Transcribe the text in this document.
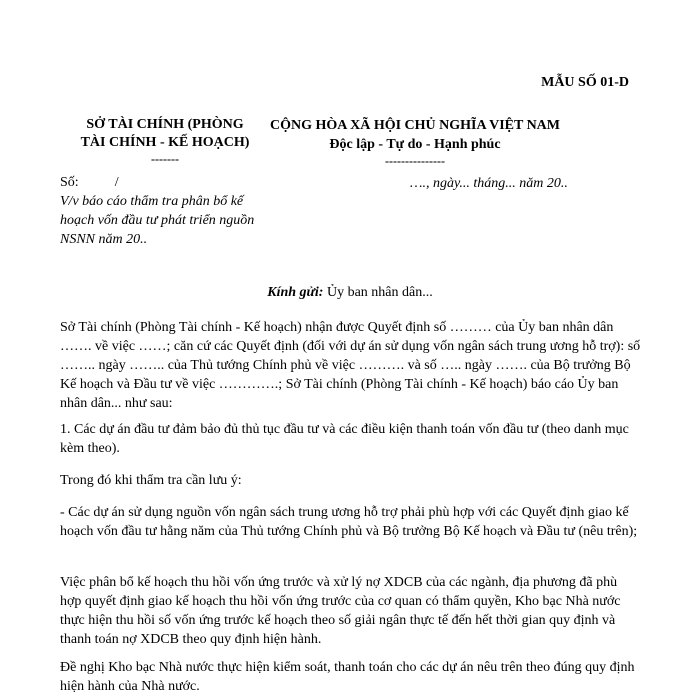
MẪU SỐ 01-D
SỞ TÀI CHÍNH (PHÒNG
TÀI CHÍNH - KẾ HOẠCH)
-------
CỘNG HÒA XÃ HỘI CHỦ NGHĨA VIỆT NAM
Độc lập - Tự do - Hạnh phúc
---------------
Số:	/
V/v báo cáo thẩm tra phân bổ kế hoạch vốn đầu tư phát triển nguồn NSNN năm 20..
…., ngày... tháng... năm 20..
Kính gửi: Ủy ban nhân dân...
Sở Tài chính (Phòng Tài chính - Kế hoạch) nhận được Quyết định số ……… của Ủy ban nhân dân ……. về việc ……; căn cứ các Quyết định (đối với dự án sử dụng vốn ngân sách trung ương hỗ trợ): số …….. ngày …….. của Thủ tướng Chính phủ về việc ………. và số ….. ngày ……. của Bộ trưởng Bộ Kế hoạch và Đầu tư về việc ………….; Sở Tài chính (Phòng Tài chính - Kế hoạch) báo cáo Ủy ban nhân dân... như sau:
1. Các dự án đầu tư đảm bảo đủ thủ tục đầu tư và các điều kiện thanh toán vốn đầu tư (theo danh mục kèm theo).
Trong đó khi thẩm tra cần lưu ý:
- Các dự án sử dụng nguồn vốn ngân sách trung ương hỗ trợ phải phù hợp với các Quyết định giao kế hoạch vốn đầu tư hằng năm của Thủ tướng Chính phủ và Bộ trưởng Bộ Kế hoạch và Đầu tư (nêu trên);
Việc phân bổ kế hoạch thu hồi vốn ứng trước và xử lý nợ XDCB của các ngành, địa phương đã phù hợp quyết định giao kế hoạch thu hồi vốn ứng trước của cơ quan có thẩm quyền, Kho bạc Nhà nước thực hiện thu hồi số vốn ứng trước kế hoạch theo số giải ngân thực tế đến hết thời gian quy định và thanh toán nợ XDCB theo quy định hiện hành.
Đề nghị Kho bạc Nhà nước thực hiện kiểm soát, thanh toán cho các dự án nêu trên theo đúng quy định hiện hành của Nhà nước.
